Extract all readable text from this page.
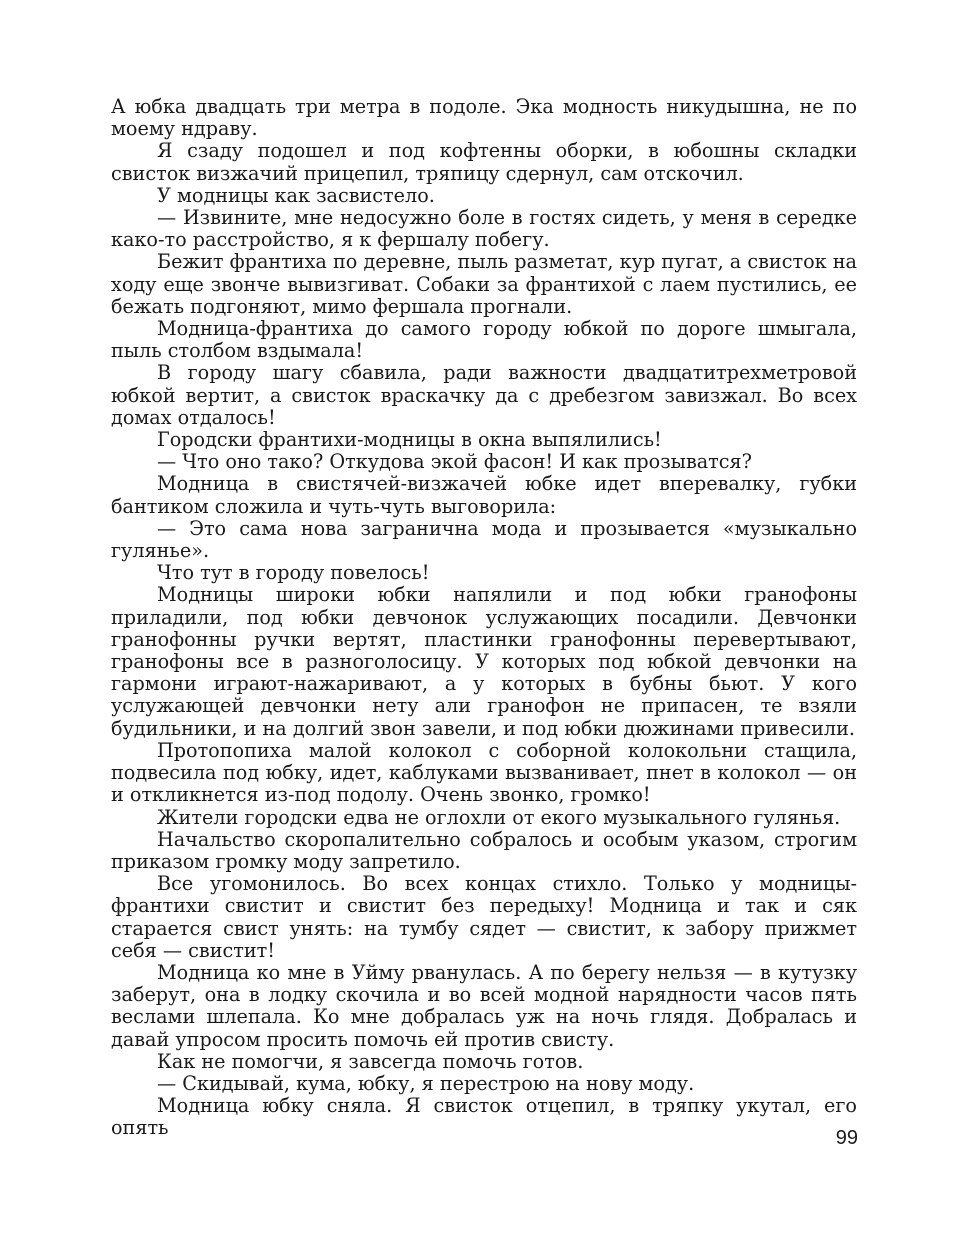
А юбка двадцать три метра в подоле. Эка модность никудышна, не по моему ндраву.

Я сзаду подошел и под кофтенны оборки, в юбошны складки свисток визжачий прицепил, тряпицу сдернул, сам отскочил.

У модницы как засвистело.

— Извините, мне недосужно боле в гостях сидеть, у меня в середке како-то расстройство, я к фершалу побегу.

Бежит франтиха по деревне, пыль разметат, кур пугат, а свисток на ходу еще звонче вывизгиват. Собаки за франтихой с лаем пустились, ее бежать подгоняют, мимо фершала прогнали.

Модница-франтиха до самого городу юбкой по дороге шмыгала, пыль столбом вздымала!

В городу шагу сбавила, ради важности двадцатитрехметровой юбкой вертит, а свисток враскачку да с дребезгом завизжал. Во всех домах отдалось!

Городски франтихи-модницы в окна выпялились!

— Что оно тако? Откудова экой фасон! И как прозыватся?

Модница в свистячей-визжачей юбке идет вперевалку, губки бантиком сложила и чуть-чуть выговорила:

— Это сама нова загранична мода и прозывается «музыкально гулянье».

Что тут в городу повелось!

Модницы широки юбки напялили и под юбки гранофоны приладили, под юбки девчонок услужающих посадили. Девчонки гранофонны ручки вертят, пластинки гранофонны перевертывают, гранофоны все в разноголосицу. У которых под юбкой девчонки на гармони играют-нажаривают, а у которых в бубны бьют. У кого услужающей девчонки нету али гранофон не припасен, те взяли будильники, и на долгий звон завели, и под юбки дюжинами привесили.

Протопопиха малой колокол с соборной колокольни стащила, подвесила под юбку, идет, каблуками вызванивает, пнет в колокол — он и откликнется из-под подолу. Очень звонко, громко!

Жители городски едва не оглохли от екого музыкального гулянья.

Начальство скоропалительно собралось и особым указом, строгим приказом громку моду запретило.

Все угомонилось. Во всех концах стихло. Только у модницы-франтихи свистит и свистит без передыху! Модница и так и сяк старается свист унять: на тумбу сядет — свистит, к забору прижмет себя — свистит!

Модница ко мне в Уйму рванулась. А по берегу нельзя — в кутузку заберут, она в лодку скочила и во всей модной нарядности часов пять веслами шлепала. Ко мне добралась уж на ночь глядя. Добралась и давай упросом просить помочь ей против свисту.

Как не помогчи, я завсегда помочь готов.

— Скидывай, кума, юбку, я перестрою на нову моду.

Модница юбку сняла. Я свисток отцепил, в тряпку укутал, его опять	99
